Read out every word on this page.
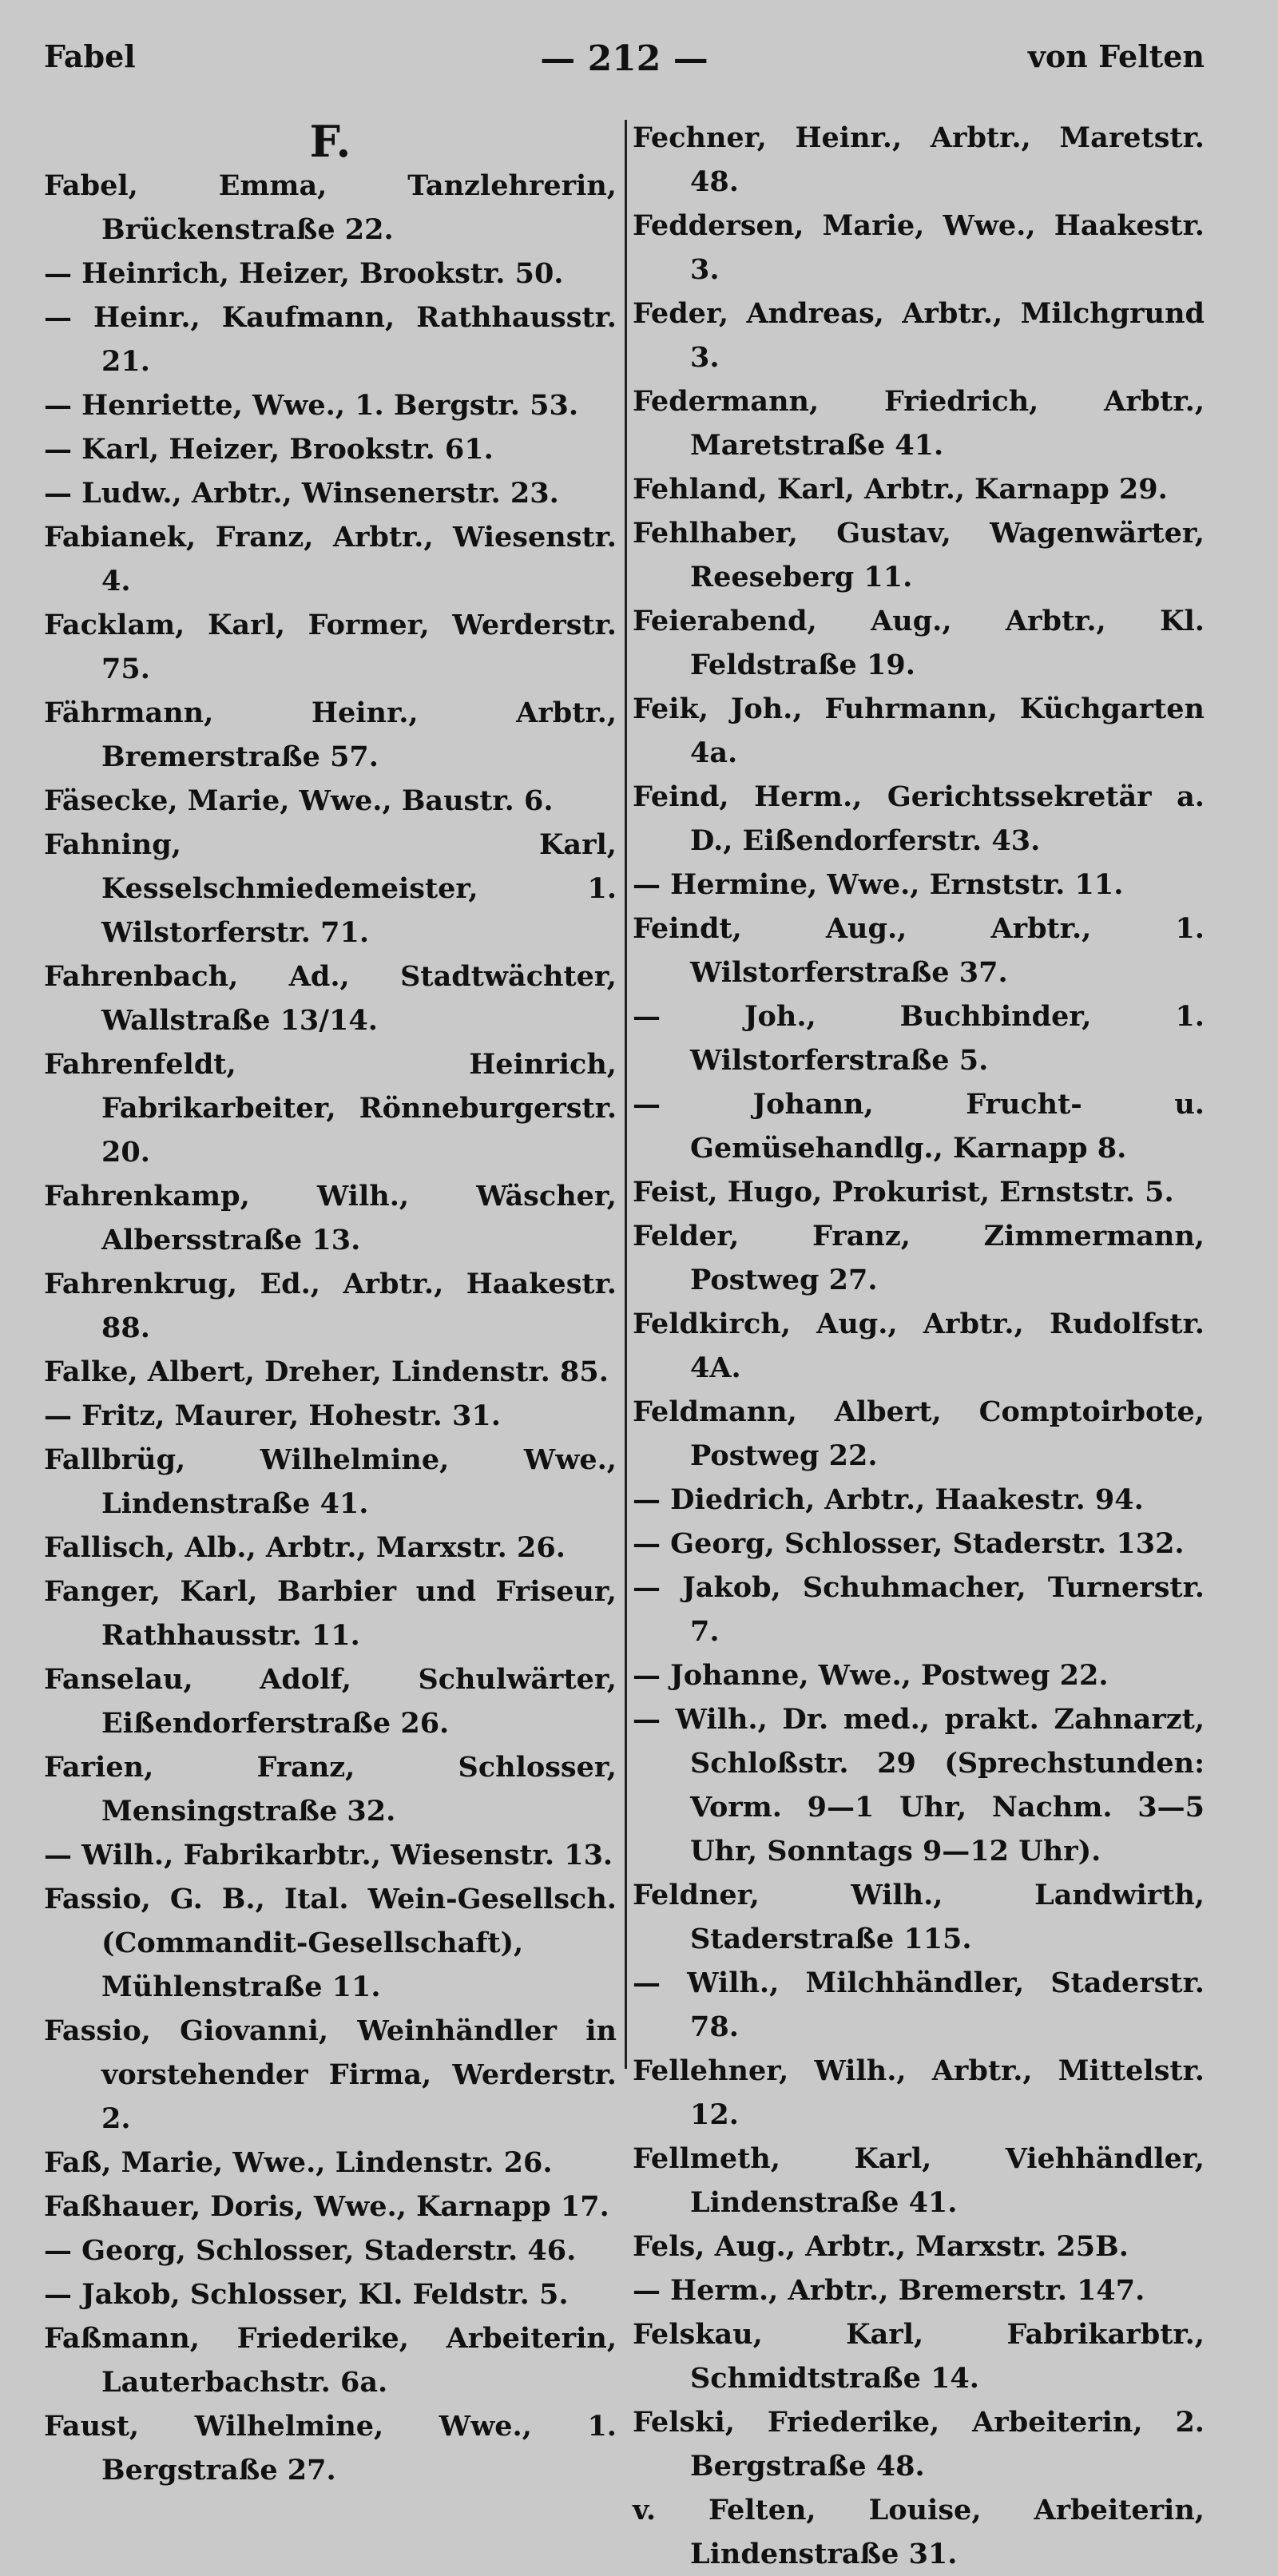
Fabel	— 212 —	von Felten
F.
Fabel, Emma, Tanzlehrerin, Brückenstraße 22.
— Heinrich, Heizer, Brookstr. 50.
— Heinr., Kaufmann, Rathhausstr. 21.
— Henriette, Wwe., 1. Bergstr. 53.
— Karl, Heizer, Brookstr. 61.
— Ludw., Arbtr., Winsenerstr. 23.
Fabianek, Franz, Arbtr., Wiesenstr. 4.
Facklam, Karl, Former, Werderstr. 75.
Fährmann, Heinr., Arbtr., Bremerstraße 57.
Fäsecke, Marie, Wwe., Baustr. 6.
Fahning, Karl, Kesselschmiedemeister, 1. Wilstorferstr. 71.
Fahrenbach, Ad., Stadtwächter, Wallstraße 13/14.
Fahrenfeldt, Heinrich, Fabrikarbeiter, Rönneburgerstr. 20.
Fahrenkamp, Wilh., Wäscher, Albersstraße 13.
Fahrenkrug, Ed., Arbtr., Haakestr. 88.
Falke, Albert, Dreher, Lindenstr. 85.
— Fritz, Maurer, Hohestr. 31.
Fallbrüg, Wilhelmine, Wwe., Lindenstraße 41.
Fallisch, Alb., Arbtr., Marxstr. 26.
Fanger, Karl, Barbier und Friseur, Rathhausstr. 11.
Fanselau, Adolf, Schulwärter, Eißendorferstraße 26.
Farien, Franz, Schlosser, Mensingstraße 32.
— Wilh., Fabrikarbtr., Wiesenstr. 13.
Fassio, G. B., Ital. Wein-Gesellsch. (Commandit-Gesellschaft), Mühlenstraße 11.
Fassio, Giovanni, Weinhändler in vorstehender Firma, Werderstr. 2.
Faß, Marie, Wwe., Lindenstr. 26.
Faßhauer, Doris, Wwe., Karnapp 17.
— Georg, Schlosser, Staderstr. 46.
— Jakob, Schlosser, Kl. Feldstr. 5.
Faßmann, Friederike, Arbeiterin, Lauterbachstr. 6a.
Faust, Wilhelmine, Wwe., 1. Bergstraße 27.
Fechner, Heinr., Arbtr., Maretstr. 48.
Feddersen, Marie, Wwe., Haakestr. 3.
Feder, Andreas, Arbtr., Milchgrund 3.
Federmann, Friedrich, Arbtr., Maretstraße 41.
Fehland, Karl, Arbtr., Karnapp 29.
Fehlhaber, Gustav, Wagenwärter, Reeseberg 11.
Feierabend, Aug., Arbtr., Kl. Feldstraße 19.
Feik, Joh., Fuhrmann, Küchgarten 4a.
Feind, Herm., Gerichtssekretär a. D., Eißendorferstr. 43.
— Hermine, Wwe., Ernststr. 11.
Feindt, Aug., Arbtr., 1. Wilstorferstraße 37.
— Joh., Buchbinder, 1. Wilstorferstraße 5.
— Johann, Frucht- u. Gemüsehandlg., Karnapp 8.
Feist, Hugo, Prokurist, Ernststr. 5.
Felder, Franz, Zimmermann, Postweg 27.
Feldkirch, Aug., Arbtr., Rudolfstr. 4A.
Feldmann, Albert, Comptoirbote, Postweg 22.
— Diedrich, Arbtr., Haakestr. 94.
— Georg, Schlosser, Staderstr. 132.
— Jakob, Schuhmacher, Turnerstr. 7.
— Johanne, Wwe., Postweg 22.
— Wilh., Dr. med., prakt. Zahnarzt, Schloßstr. 29 (Sprechstunden: Vorm. 9—1 Uhr, Nachm. 3—5 Uhr, Sonntags 9—12 Uhr).
Feldner, Wilh., Landwirth, Staderstraße 115.
— Wilh., Milchhändler, Staderstr. 78.
Fellehner, Wilh., Arbtr., Mittelstr. 12.
Fellmeth, Karl, Viehhändler, Lindenstraße 41.
Fels, Aug., Arbtr., Marxstr. 25B.
— Herm., Arbtr., Bremerstr. 147.
Felskau, Karl, Fabrikarbtr., Schmidtstraße 14.
Felski, Friederike, Arbeiterin, 2. Bergstraße 48.
v. Felten, Louise, Arbeiterin, Lindenstraße 31.
